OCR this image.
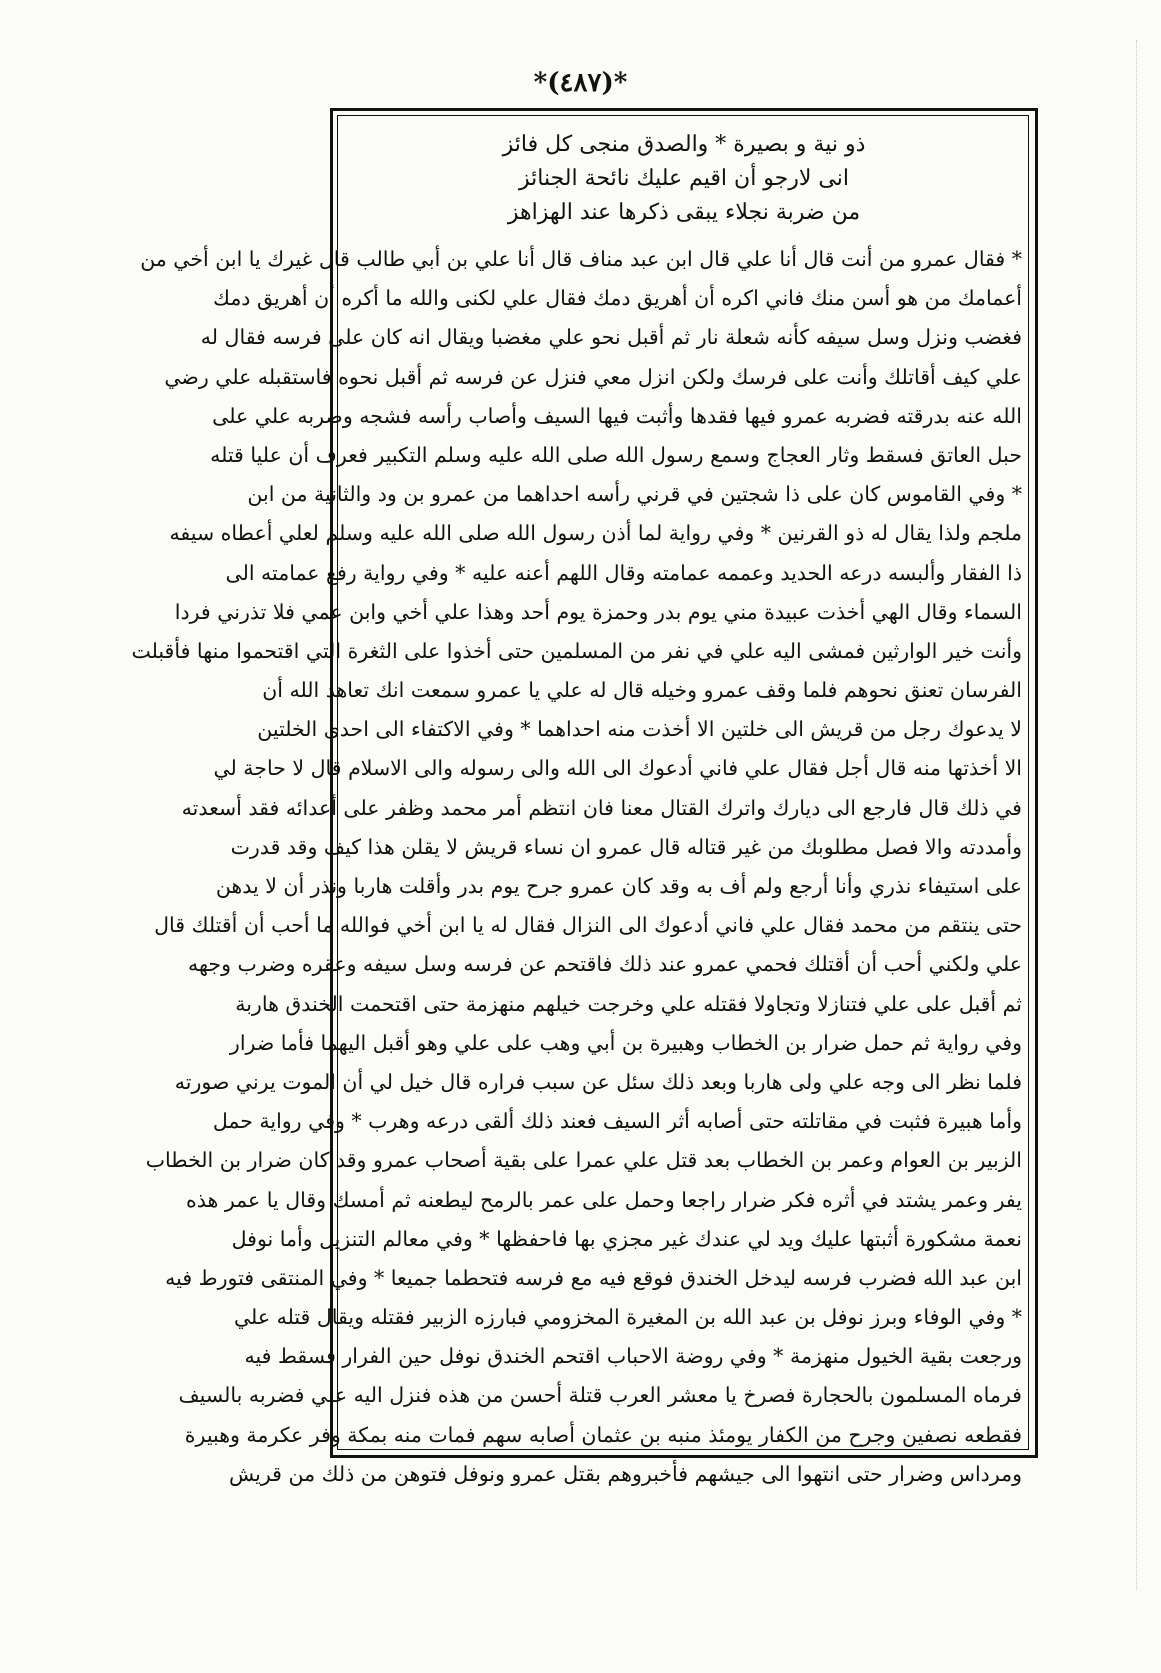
*(٤٨٧)*
ذو نية و بصيرة * والصدق منجى كل فائز
انى لارجو أن اقيم عليك نائحة الجنائز
من ضربة نجلاء يبقى ذكرها عند الهزاهز
* فقال عمرو من أنت قال أنا علي قال ابن عبد مناف قال أنا علي بن أبي طالب قال غيرك يا ابن أخي من
أعمامك من هو أسن منك فاني اكره أن أهريق دمك فقال علي لكنى والله ما أكره أن أهريق دمك
فغضب ونزل وسل سيفه كأنه شعلة نار ثم أقبل نحو علي مغضبا ويقال انه كان على فرسه فقال له
علي كيف أقاتلك وأنت على فرسك ولكن انزل معي فنزل عن فرسه ثم أقبل نحوه فاستقبله علي رضي
الله عنه بدرقته فضربه عمرو فيها فقدها وأثبت فيها السيف وأصاب رأسه فشجه وضربه علي على
حبل العاتق فسقط وثار العجاج وسمع رسول الله صلى الله عليه وسلم التكبير فعرف أن عليا قتله
* وفي القاموس كان على ذا شجتين في قرني رأسه احداهما من عمرو بن ود والثانية من ابن
ملجم ولذا يقال له ذو القرنين * وفي رواية لما أذن رسول الله صلى الله عليه وسلم لعلي أعطاه سيفه
ذا الفقار وألبسه درعه الحديد وعممه عمامته وقال اللهم أعنه عليه * وفي رواية رفع عمامته الى
السماء وقال الهي أخذت عبيدة مني يوم بدر وحمزة يوم أحد وهذا علي أخي وابن عمي فلا تذرني فردا
وأنت خير الوارثين فمشى اليه علي في نفر من المسلمين حتى أخذوا على الثغرة التي اقتحموا منها فأقبلت
الفرسان تعنق نحوهم فلما وقف عمرو وخيله قال له علي يا عمرو سمعت انك تعاهد الله أن
لا يدعوك رجل من قريش الى خلتين الا أخذت منه احداهما * وفي الاكتفاء الى احدى الخلتين
الا أخذتها منه قال أجل فقال علي فاني أدعوك الى الله والى رسوله والى الاسلام قال لا حاجة لي
في ذلك قال فارجع الى ديارك واترك القتال معنا فان انتظم أمر محمد وظفر على أعدائه فقد أسعدته
وأمددته والا فصل مطلوبك من غير قتاله قال عمرو ان نساء قريش لا يقلن هذا كيف وقد قدرت
على استيفاء نذري وأنا أرجع ولم أف به وقد كان عمرو جرح يوم بدر وأقلت هاربا ونذر أن لا يدهن
حتى ينتقم من محمد فقال علي فاني أدعوك الى النزال فقال له يا ابن أخي فوالله ما أحب أن أقتلك قال
علي ولكني أحب أن أقتلك فحمي عمرو عند ذلك فاقتحم عن فرسه وسل سيفه وعقره وضرب وجهه
ثم أقبل على علي فتنازلا وتجاولا فقتله علي وخرجت خيلهم منهزمة حتى اقتحمت الخندق هاربة
وفي رواية ثم حمل ضرار بن الخطاب وهبيرة بن أبي وهب على علي وهو أقبل اليهما فأما ضرار
فلما نظر الى وجه علي ولى هاربا وبعد ذلك سئل عن سبب فراره قال خيل لي أن الموت يرني صورته
وأما هبيرة فثبت في مقاتلته حتى أصابه أثر السيف فعند ذلك ألقى درعه وهرب * وفي رواية حمل
الزبير بن العوام وعمر بن الخطاب بعد قتل علي عمرا على بقية أصحاب عمرو وقد كان ضرار بن الخطاب
يفر وعمر يشتد في أثره فكر ضرار راجعا وحمل على عمر بالرمح ليطعنه ثم أمسك وقال يا عمر هذه
نعمة مشكورة أثبتها عليك ويد لي عندك غير مجزي بها فاحفظها * وفي معالم التنزيل وأما نوفل
ابن عبد الله فضرب فرسه ليدخل الخندق فوقع فيه مع فرسه فتحطما جميعا * وفي المنتقى فتورط فيه
* وفي الوفاء وبرز نوفل بن عبد الله بن المغيرة المخزومي فبارزه الزبير فقتله ويقال قتله علي
ورجعت بقية الخيول منهزمة * وفي روضة الاحباب اقتحم الخندق نوفل حين الفرار فسقط فيه
فرماه المسلمون بالحجارة فصرخ يا معشر العرب قتلة أحسن من هذه فنزل اليه علي فضربه بالسيف
فقطعه نصفين وجرح من الكفار يومئذ منبه بن عثمان أصابه سهم فمات منه بمكة وفر عكرمة وهبيرة
ومرداس وضرار حتى انتهوا الى جيشهم فأخبروهم بقتل عمرو ونوفل فتوهن من ذلك من قريش
